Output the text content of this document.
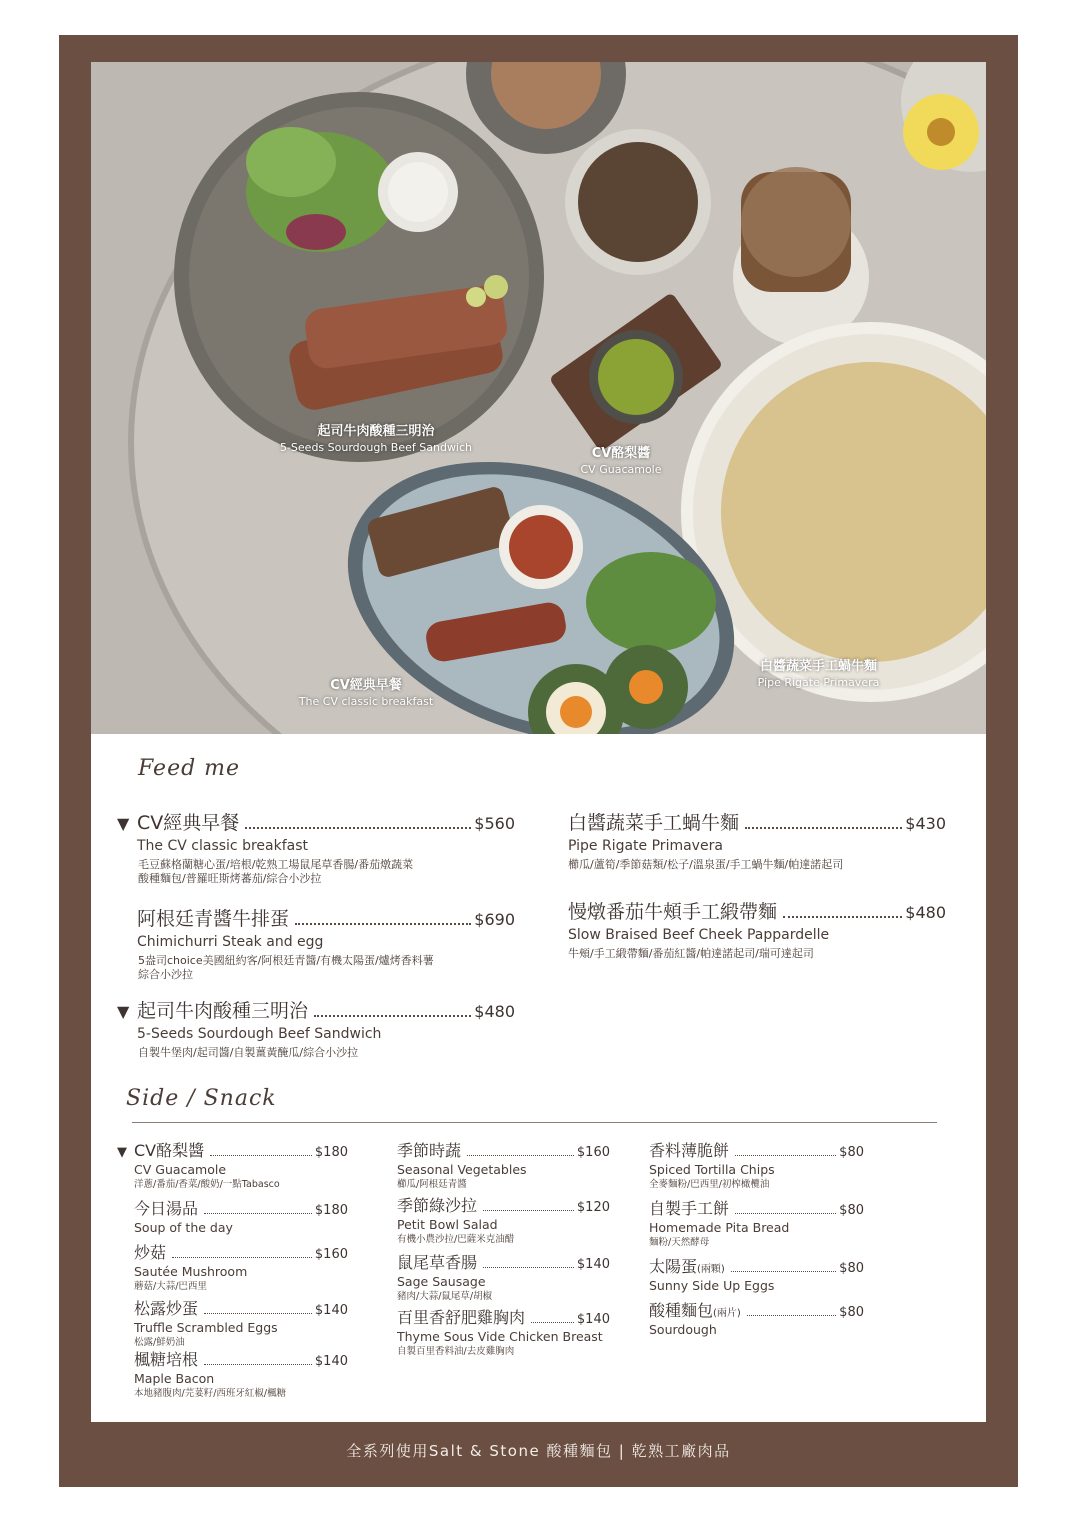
起司牛肉酸種三明治
5-Seeds Sourdough Beef Sandwich	CV酪梨醬
CV Guacamole
CV經典早餐
The CV classic breakfast
白醬蔬菜手工蝸牛麵
Pipe Rigate Primavera
Feed me
▼ CV經典早餐	$560
The CV classic breakfast
毛豆蘇格蘭糖心蛋/培根/乾熟工場鼠尾草香腸/番茄燉蔬菜
酸種麵包/普羅旺斯烤蕃茄/綜合小沙拉
阿根廷青醬牛排蛋	$690
Chimichurri Steak and egg
5盎司choice美國紐約客/阿根廷青醬/有機太陽蛋/爐烤香料薯
綜合小沙拉
▼ 起司牛肉酸種三明治	$480
5-Seeds Sourdough Beef Sandwich
自製牛堡肉/起司醬/自製薑黃醃瓜/綜合小沙拉
白醬蔬菜手工蝸牛麵	$430
Pipe Rigate Primavera
櫛瓜/蘆筍/季節菇類/松子/溫泉蛋/手工蝸牛麵/帕達諾起司
慢燉番茄牛頰手工緞帶麵	$480
Slow Braised Beef Cheek Pappardelle
牛頰/手工緞帶麵/番茄紅醬/帕達諾起司/瑞可達起司
Side / Snack
▼ CV酪梨醬	$180
CV Guacamole
洋蔥/番茄/香菜/酸奶/一點Tabasco
今日湯品	$180
Soup of the day
炒菇	$160
Sautée Mushroom
蘑菇/大蒜/巴西里
松露炒蛋	$140
Truffle Scrambled Eggs
松露/鮮奶油
楓糖培根	$140
Maple Bacon
本地豬腹肉/芫荽籽/西班牙紅椒/楓糖
季節時蔬	$160
Seasonal Vegetables
櫛瓜/阿根廷青醬
季節綠沙拉	$120
Petit Bowl Salad
有機小農沙拉/巴薩米克油醋
鼠尾草香腸	$140
Sage Sausage
豬肉/大蒜/鼠尾草/胡椒
百里香舒肥雞胸肉	$140
Thyme Sous Vide Chicken Breast
自製百里香料油/去皮雞胸肉
香料薄脆餅	$80
Spiced Tortilla Chips
全麥麵粉/巴西里/初榨橄欖油
自製手工餅	$80
Homemade Pita Bread
麵粉/天然酵母
太陽蛋 (兩顆)	$80
Sunny Side Up Eggs
酸種麵包 (兩片)	$80
Sourdough
全系列使用Salt & Stone 酸種麵包 | 乾熟工廠肉品
